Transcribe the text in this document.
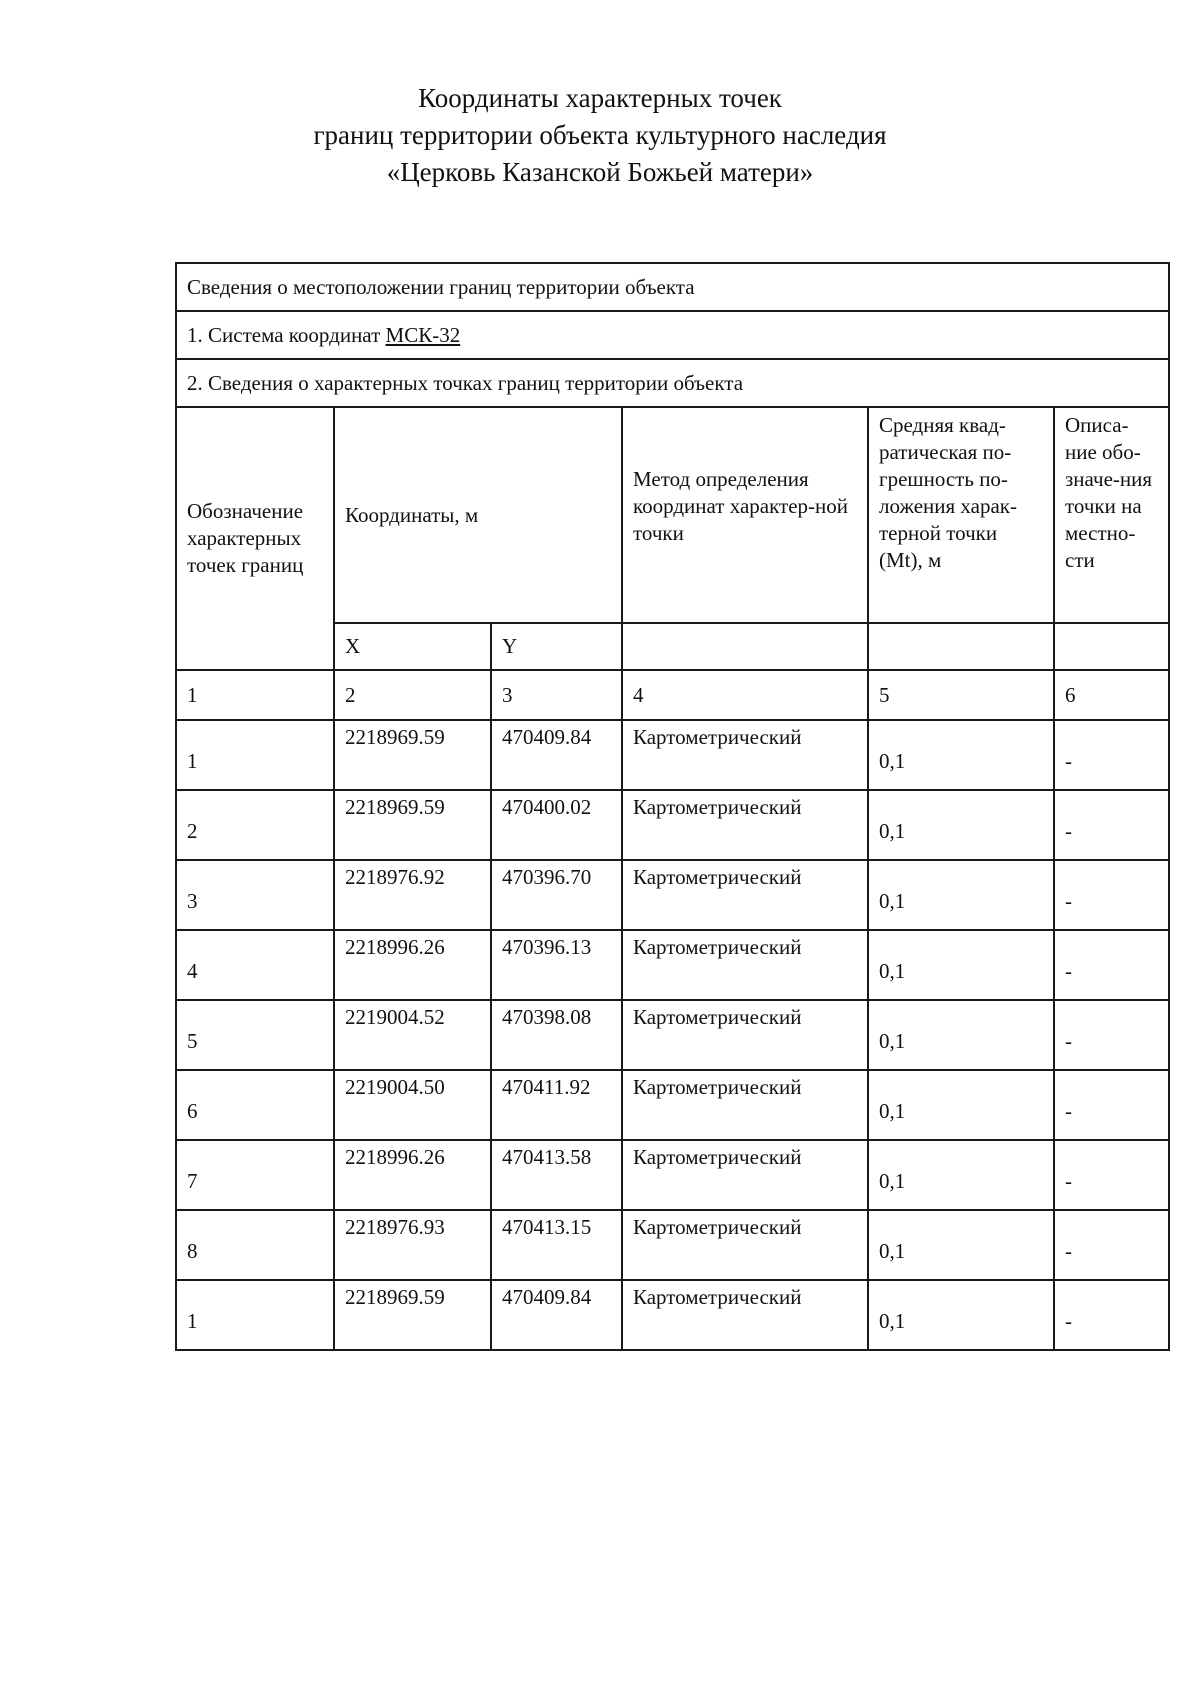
Координаты характерных точек
границ территории объекта культурного наследия
«Церковь Казанской Божьей матери»
Сведения о местоположении границ территории объекта					
1. Система координат МСК-32					
2. Сведения о характерных точках границ территории объекта					
Обозначение характерных точек границ	Координаты, м		Метод определения координат характер-ной точки	Средняя квад-ратическая по-грешность по-ложения харак-терной точки (Mt), м	Описа-ние обо-значе-ния точки на местно-сти
	X	Y			
1	2	3	4	5	6
1	2218969.59	470409.84	Картометрический	0,1	-
2	2218969.59	470400.02	Картометрический	0,1	-
3	2218976.92	470396.70	Картометрический	0,1	-
4	2218996.26	470396.13	Картометрический	0,1	-
5	2219004.52	470398.08	Картометрический	0,1	-
6	2219004.50	470411.92	Картометрический	0,1	-
7	2218996.26	470413.58	Картометрический	0,1	-
8	2218976.93	470413.15	Картометрический	0,1	-
1	2218969.59	470409.84	Картометрический	0,1	-
